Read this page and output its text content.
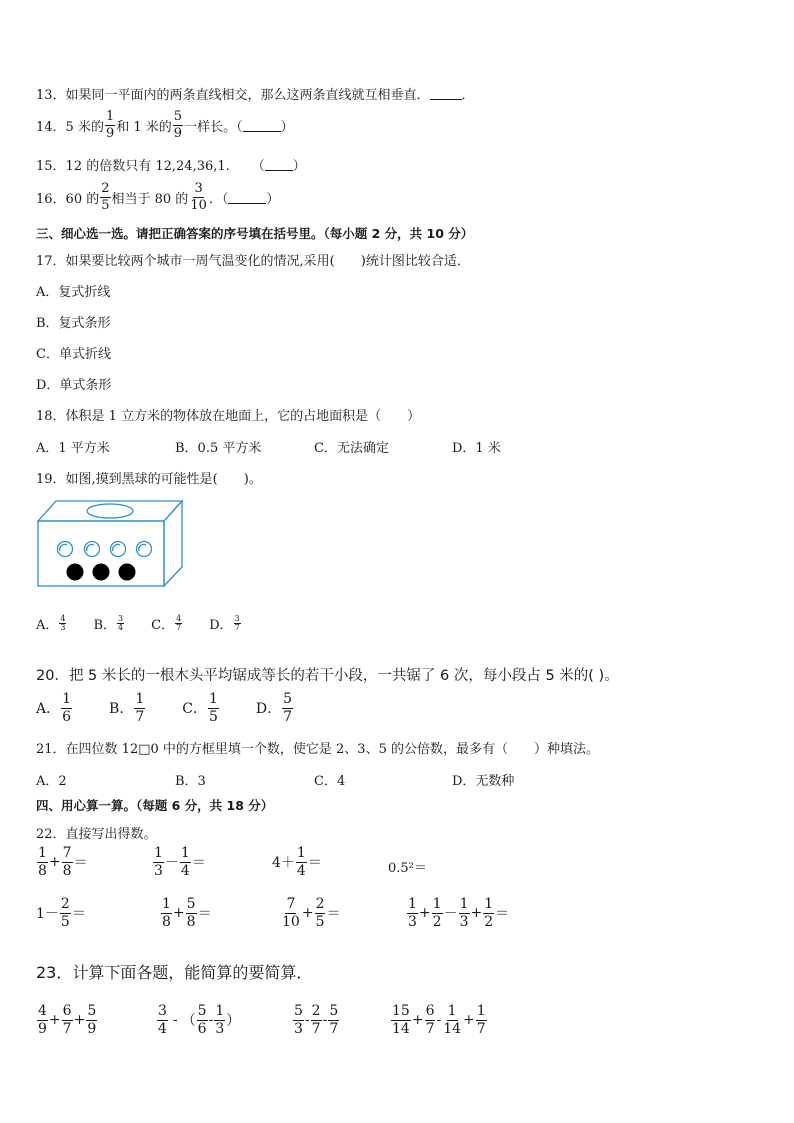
13．如果同一平面内的两条直线相交，那么这两条直线就互相垂直． ．
14．5 米的 $\frac{1}{9}$ 和 1 米的 $\frac{5}{9}$ 一样长。（	）
15．12 的倍数只有 12,24,36,1. （ ）
16．60 的 $\frac{2}{5}$ 相当于 80 的 $\frac{3}{10}$ ．（	）
三、细心选一选。请把正确答案的序号填在括号里。（每小题 2 分，共 10 分）
17．如果要比较两个城市一周气温变化的情况,采用(　　)统计图比较合适．
A．复式折线
B．复式条形
C．单式折线
D．单式条形
18．体积是 1 立方米的物体放在地面上，它的占地面积是（　　）
A．1 平方米	B．0.5 平方米	C．无法确定	D．1 米
19．如图,摸到黑球的可能性是(　　)。
A． $\frac{4}{3}$ B． $\frac{3}{4}$ C． $\frac{4}{7}$ D． $\frac{3}{7}$
20．把 5 米长的一根木头平均锯成等长的若干小段，一共锯了 6 次，每小段占 5 米的( )。
A． $\frac{1}{6}$	B． $\frac{1}{7}$	C． $\frac{1}{5}$	D． $\frac{5}{7}$
21．在四位数 12□0 中的方框里填一个数，使它是 2、3、5 的公倍数，最多有（　　）种填法。
A．2	B．3	C．4	D．无数种
四、用心算一算。（每题 6 分，共 18 分）
22．直接写出得数。
$\frac{1}{8} + \frac{7}{8}$ ＝	$\frac{1}{3} - \frac{1}{4}$ ＝	$4+ \frac{1}{4}$ ＝	0.5²＝
$1- \frac{2}{5}$ ＝	$\frac{1}{8} + \frac{5}{8}$ ＝	$\frac{7}{10} + \frac{2}{5}$ ＝	$\frac{1}{3} + \frac{1}{2} - \frac{1}{3} + \frac{1}{2}$ ＝
23．计算下面各题，能简算的要简算．
$\frac{4}{9} + \frac{6}{7} + \frac{5}{9}$	$\frac{3}{4}$ - （ $\frac{5}{6} - \frac{1}{3}$ ）	$\frac{5}{3} - \frac{2}{7} - \frac{5}{7}$	$\frac{15}{14} + \frac{6}{7} - \frac{1}{14} + \frac{1}{7}$
